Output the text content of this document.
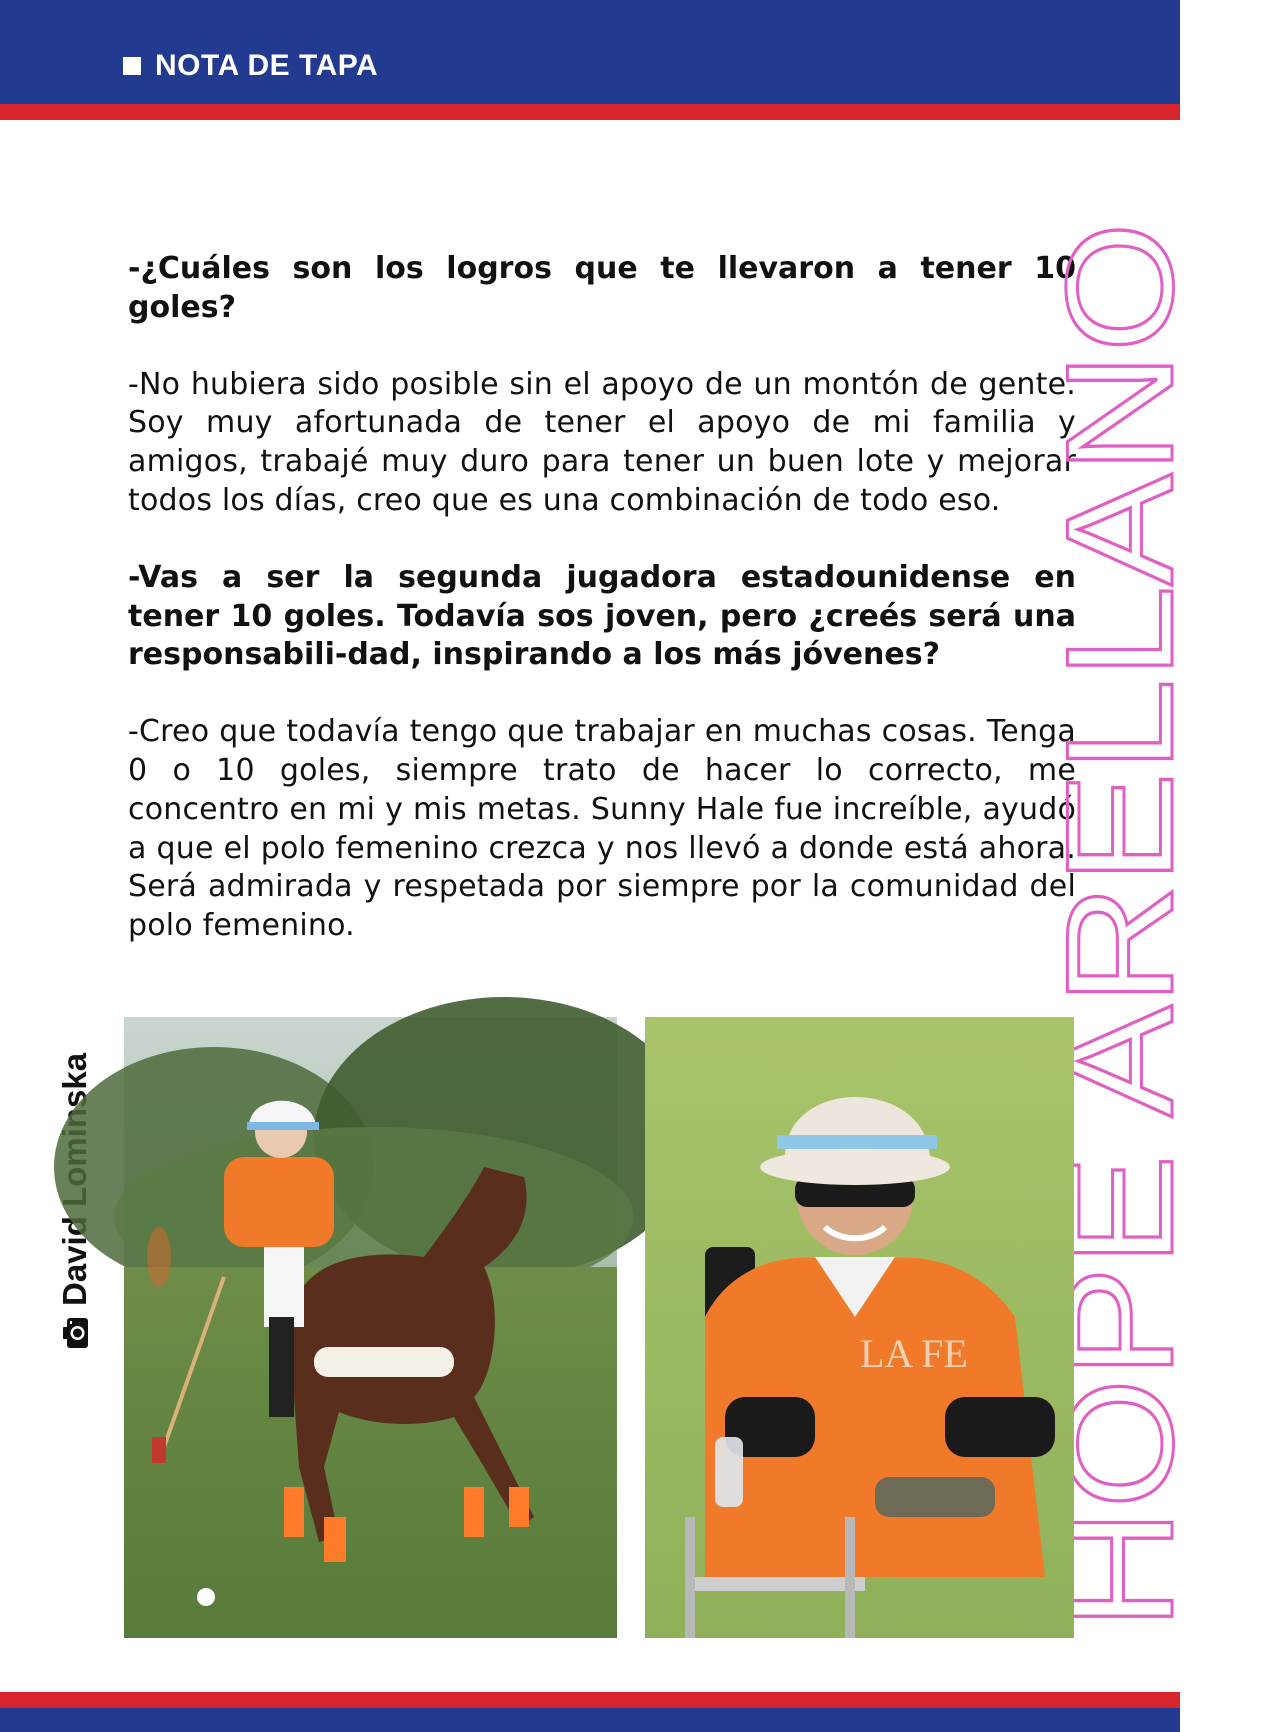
NOTA DE TAPA

-¿Cuáles son los logros que te llevaron a tener 10 goles?

-No hubiera sido posible sin el apoyo de un montón de gente. Soy muy afortunada de tener el apoyo de mi familia y amigos, trabajé muy duro para tener un buen lote y mejorar todos los días, creo que es una combinación de todo eso.

-Vas a ser la segunda jugadora estadounidense en tener 10 goles. Todavía sos joven, pero ¿creés será una responsabili-dad, inspirando a los más jóvenes?

-Creo que todavía tengo que trabajar en muchas cosas. Tenga 0 o 10 goles, siempre trato de hacer lo correcto, me concentro en mi y mis metas. Sunny Hale fue increíble, ayudó a que el polo femenino crezca y nos llevó a donde está ahora. Será admirada y respetada por siempre por la comunidad del polo femenino.	HOPE ARELLANO
LA FE
